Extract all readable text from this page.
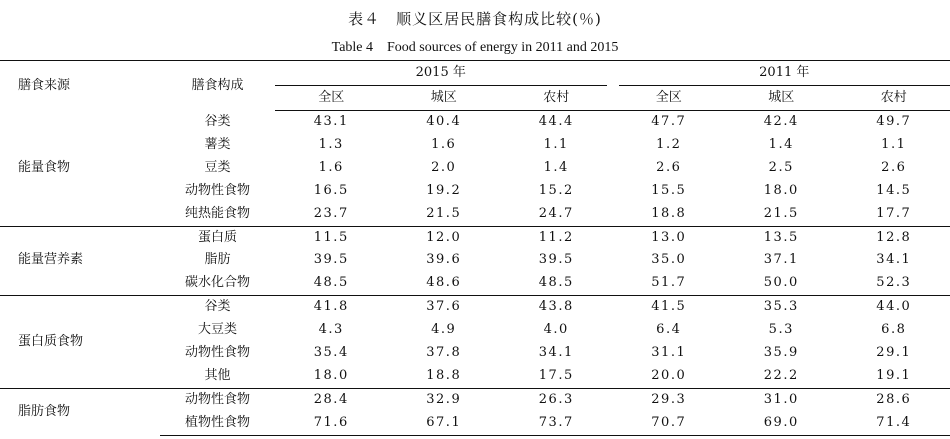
表４　顺义区居民膳食构成比较(％)
Table 4　Food sources of energy in 2011 and 2015
膳食来源	膳食构成	2015 年			2011 年		

		全区	城区	农村	全区	城区	农村
能量食物	谷类	43.1	40.4	44.4	47.7	42.4	49.7
	薯类	1.3	1.6	1.1	1.2	1.4	1.1
	豆类	1.6	2.0	1.4	2.6	2.5	2.6
	动物性食物	16.5	19.2	15.2	15.5	18.0	14.5
	纯热能食物	23.7	21.5	24.7	18.8	21.5	17.7
能量营养素	蛋白质	11.5	12.0	11.2	13.0	13.5	12.8
	脂肪	39.5	39.6	39.5	35.0	37.1	34.1
	碳水化合物	48.5	48.6	48.5	51.7	50.0	52.3
蛋白质食物	谷类	41.8	37.6	43.8	41.5	35.3	44.0
	大豆类	4.3	4.9	4.0	6.4	5.3	6.8
	动物性食物	35.4	37.8	34.1	31.1	35.9	29.1
	其他	18.0	18.8	17.5	20.0	22.2	19.1
脂肪食物	动物性食物	28.4	32.9	26.3	29.3	31.0	28.6
	植物性食物	71.6	67.1	73.7	70.7	69.0	71.4
